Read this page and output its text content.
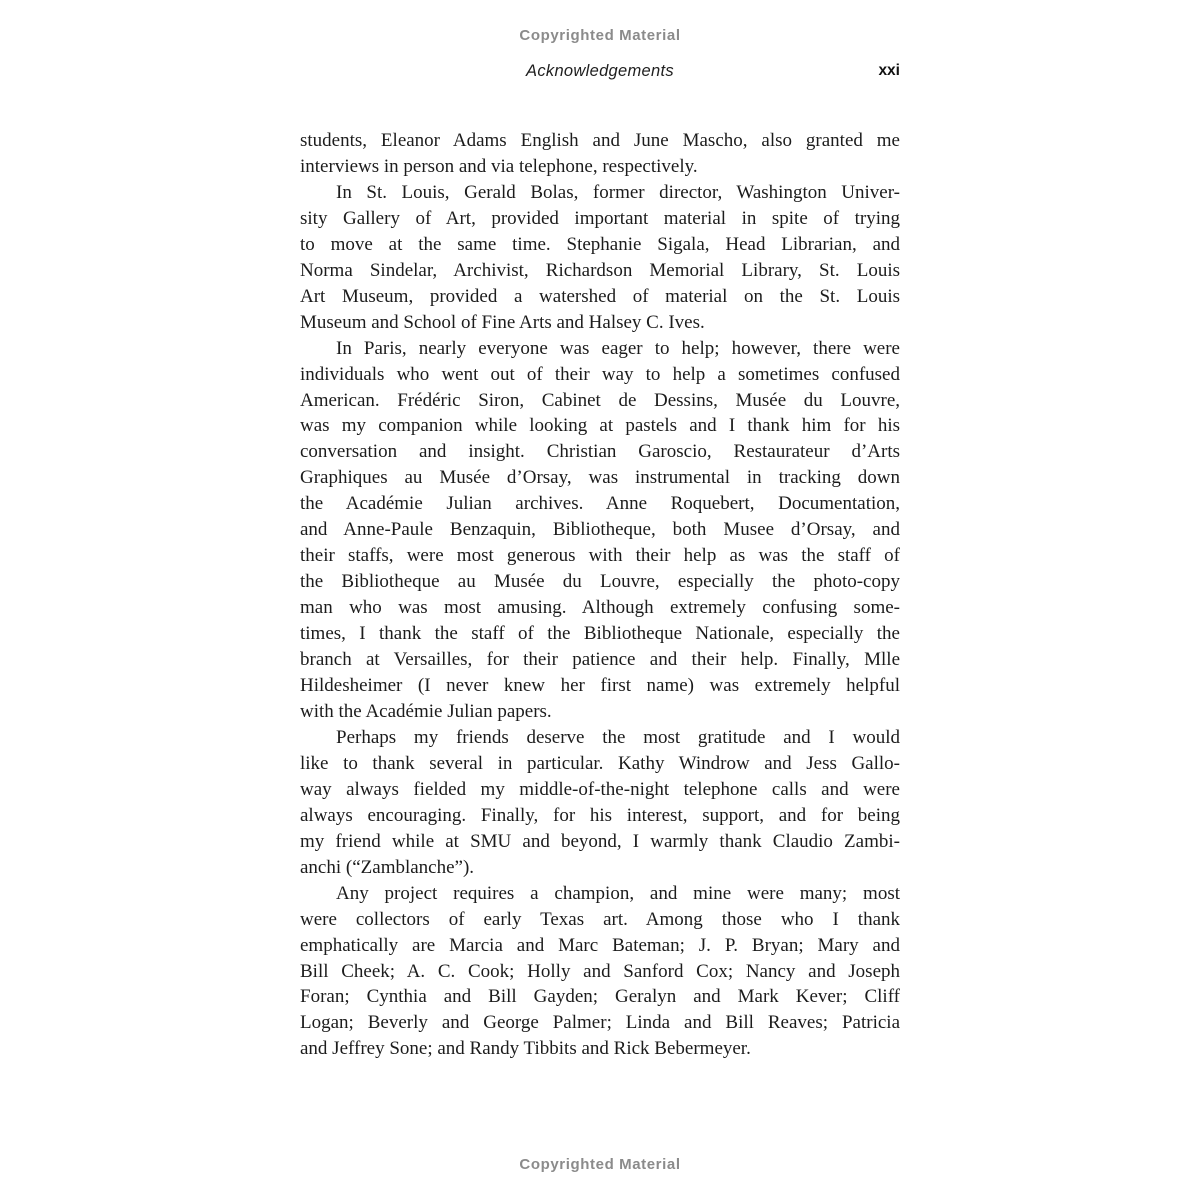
Copyrighted Material
Acknowledgements	xxi
students, Eleanor Adams English and June Mascho, also granted me
interviews in person and via telephone, respectively.
In St. Louis, Gerald Bolas, former director, Washington Univer-
sity Gallery of Art, provided important material in spite of trying
to move at the same time. Stephanie Sigala, Head Librarian, and
Norma Sindelar, Archivist, Richardson Memorial Library, St. Louis
Art Museum, provided a watershed of material on the St. Louis
Museum and School of Fine Arts and Halsey C. Ives.
In Paris, nearly everyone was eager to help; however, there were
individuals who went out of their way to help a sometimes confused
American. Frédéric Siron, Cabinet de Dessins, Musée du Louvre,
was my companion while looking at pastels and I thank him for his
conversation and insight. Christian Garoscio, Restaurateur d’Arts
Graphiques au Musée d’Orsay, was instrumental in tracking down
the Académie Julian archives. Anne Roquebert, Documentation,
and Anne-Paule Benzaquin, Bibliotheque, both Musee d’Orsay, and
their staffs, were most generous with their help as was the staff of
the Bibliotheque au Musée du Louvre, especially the photo-copy
man who was most amusing. Although extremely confusing some-
times, I thank the staff of the Bibliotheque Nationale, especially the
branch at Versailles, for their patience and their help. Finally, Mlle
Hildesheimer (I never knew her first name) was extremely helpful
with the Académie Julian papers.
Perhaps my friends deserve the most gratitude and I would
like to thank several in particular. Kathy Windrow and Jess Gallo-
way always fielded my middle-of-the-night telephone calls and were
always encouraging. Finally, for his interest, support, and for being
my friend while at SMU and beyond, I warmly thank Claudio Zambi-
anchi (“Zamblanche”).
Any project requires a champion, and mine were many; most
were collectors of early Texas art. Among those who I thank
emphatically are Marcia and Marc Bateman; J. P. Bryan; Mary and
Bill Cheek; A. C. Cook; Holly and Sanford Cox; Nancy and Joseph
Foran; Cynthia and Bill Gayden; Geralyn and Mark Kever; Cliff
Logan; Beverly and George Palmer; Linda and Bill Reaves; Patricia
and Jeffrey Sone; and Randy Tibbits and Rick Bebermeyer.
Copyrighted Material
